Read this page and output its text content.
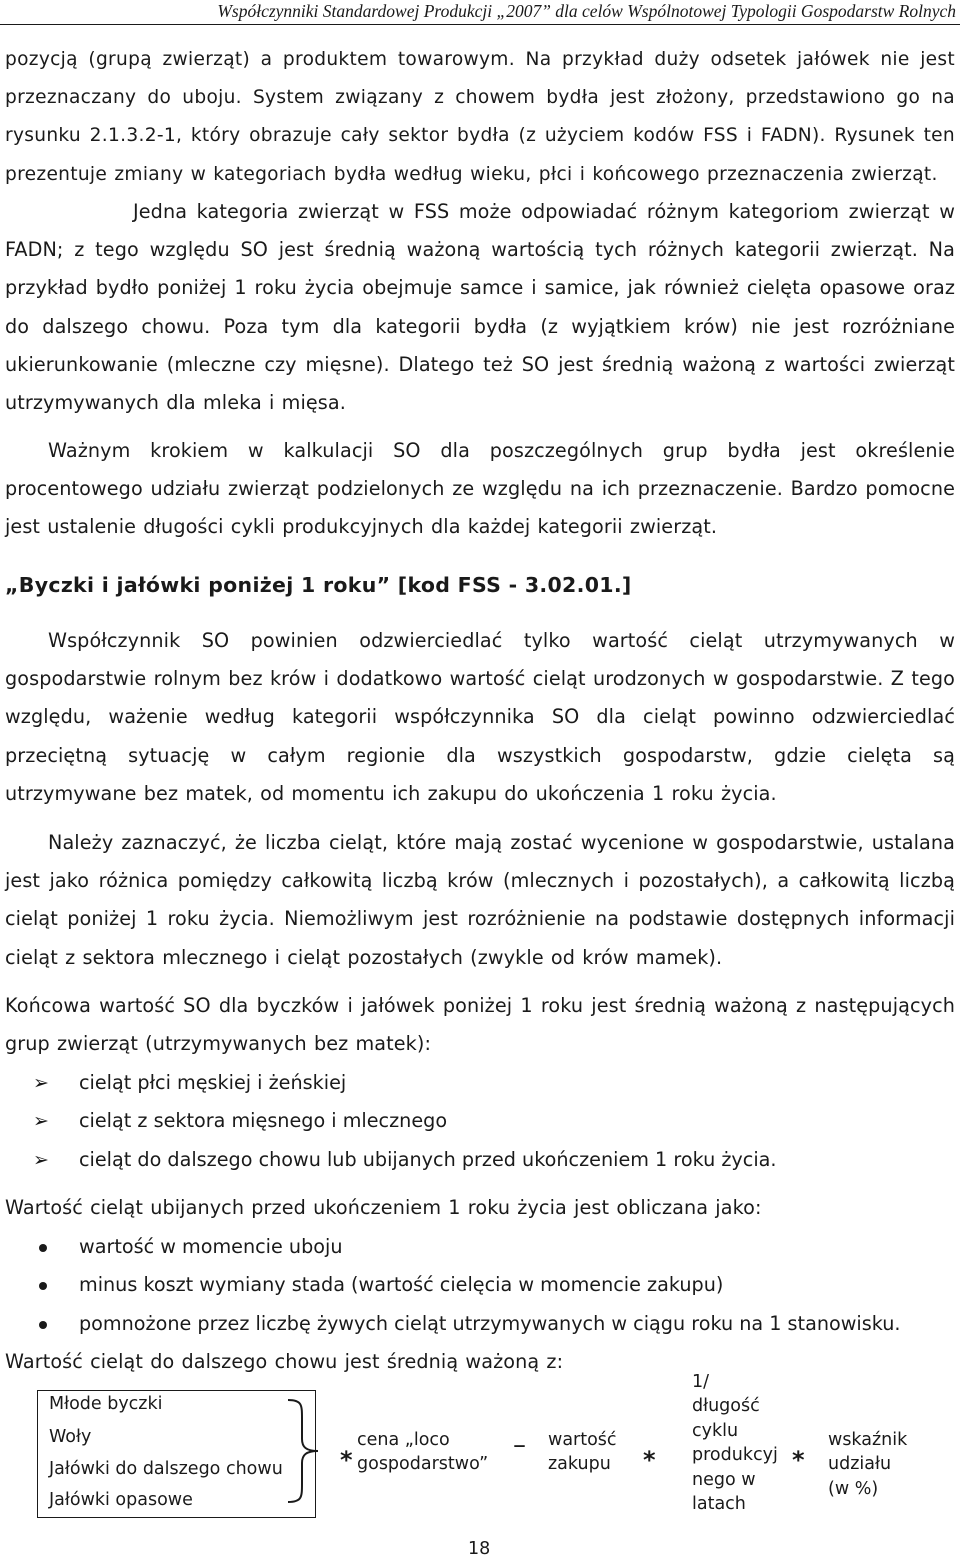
Współczynniki Standardowej Produkcji „2007” dla celów Wspólnotowej Typologii Gospodarstw Rolnych
pozycją (grupą zwierząt) a produktem towarowym. Na przykład duży odsetek jałówek nie jest przeznaczany do uboju. System związany z chowem bydła jest złożony, przedstawiono go na rysunku 2.1.3.2-1, który obrazuje cały sektor bydła (z użyciem kodów FSS i FADN). Rysunek ten prezentuje zmiany w kategoriach bydła według wieku, płci i końcowego przeznaczenia zwierząt.
Jedna kategoria zwierząt w FSS może odpowiadać różnym kategoriom zwierząt w FADN; z tego względu SO jest średnią ważoną wartością tych różnych kategorii zwierząt. Na przykład bydło poniżej 1 roku życia obejmuje samce i samice, jak również cielęta opasowe oraz do dalszego chowu. Poza tym dla kategorii bydła (z wyjątkiem krów) nie jest rozróżniane ukierunkowanie (mleczne czy mięsne). Dlatego też SO jest średnią ważoną z wartości zwierząt utrzymywanych dla mleka i mięsa.
Ważnym krokiem w kalkulacji SO dla poszczególnych grup bydła jest określenie procentowego udziału zwierząt podzielonych ze względu na ich przeznaczenie. Bardzo pomocne jest ustalenie długości cykli produkcyjnych dla każdej kategorii zwierząt.
„Byczki i jałówki poniżej 1 roku” [kod FSS - 3.02.01.]
Współczynnik SO powinien odzwierciedlać tylko wartość cieląt utrzymywanych w gospodarstwie rolnym bez krów i dodatkowo wartość cieląt urodzonych w gospodarstwie. Z tego względu, ważenie według kategorii współczynnika SO dla cieląt powinno odzwierciedlać przeciętną sytuację w całym regionie dla wszystkich gospodarstw, gdzie cielęta są utrzymywane bez matek, od momentu ich zakupu do ukończenia 1 roku życia.
Należy zaznaczyć, że liczba cieląt, które mają zostać wycenione w gospodarstwie, ustalana jest jako różnica pomiędzy całkowitą liczbą krów (mlecznych i pozostałych), a całkowitą liczbą cieląt poniżej 1 roku życia. Niemożliwym jest rozróżnienie na podstawie dostępnych informacji cieląt z sektora mlecznego i cieląt pozostałych (zwykle od krów mamek).
Końcowa wartość SO dla byczków i jałówek poniżej 1 roku jest średnią ważoną z następujących grup zwierząt (utrzymywanych bez matek):
➢ cieląt płci męskiej i żeńskiej
➢ cieląt z sektora mięsnego i mlecznego
➢ cieląt do dalszego chowu lub ubijanych przed ukończeniem 1 roku życia.
Wartość cieląt ubijanych przed ukończeniem 1 roku życia jest obliczana jako:
wartość w momencie uboju
minus koszt wymiany stada (wartość cielęcia w momencie zakupu)
pomnożone przez liczbę żywych cieląt utrzymywanych w ciągu roku na 1 stanowisku.
Wartość cieląt do dalszego chowu jest średnią ważoną z:
Młode byczki
Woły
Jałówki do dalszego chowu
Jałówki opasowe
*
cena „loco
gospodarstwo”
– wartość
zakupu *
1/
długość
cyklu
produkcyj
nego w
latach
*
wskaźnik
udziału
(w %)
18
